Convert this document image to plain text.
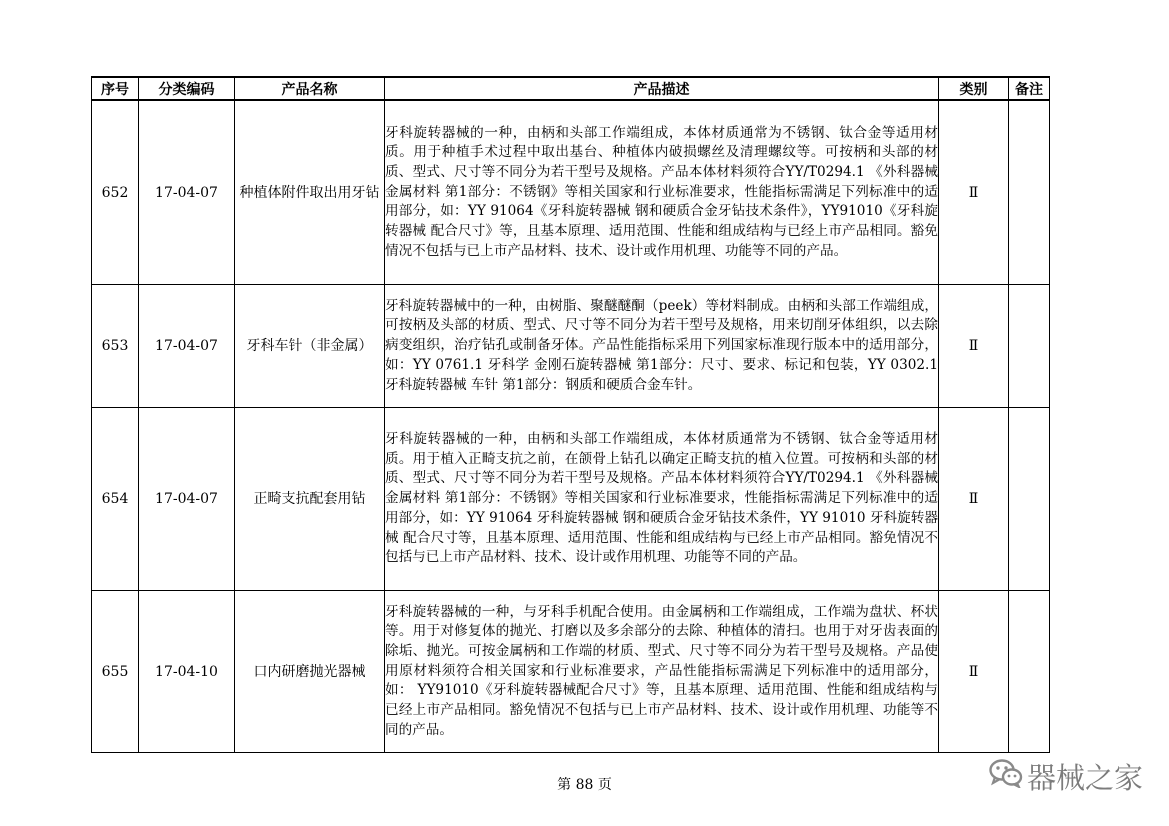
序号	分类编码	产品名称	产品描述	类别	备注
652	17-04-07	种植体附件取出用牙钻	牙科旋转器械的一种，由柄和头部工作端组成，本体材质通常为不锈钢、钛合金等适用材质。用于种植手术过程中取出基台、种植体内破损螺丝及清理螺纹等。可按柄和头部的材质、型式、尺寸等不同分为若干型号及规格。产品本体材料须符合YY/T0294.1 《外科器械 金属材料 第1部分：不锈钢》等相关国家和行业标准要求，性能指标需满足下列标准中的适用部分，如：YY 91064《牙科旋转器械 钢和硬质合金牙钻技术条件》，YY91010《牙科旋转器械 配合尺寸》等，且基本原理、适用范围、性能和组成结构与已经上市产品相同。豁免情况不包括与已上市产品材料、技术、设计或作用机理、功能等不同的产品。	Ⅱ	
653	17-04-07	牙科车针（非金属）	牙科旋转器械中的一种，由树脂、聚醚醚酮（peek）等材料制成。由柄和头部工作端组成，可按柄及头部的材质、型式、尺寸等不同分为若干型号及规格，用来切削牙体组织，以去除病变组织，治疗钻孔或制备牙体。产品性能指标采用下列国家标准现行版本中的适用部分，如：YY 0761.1 牙科学 金刚石旋转器械 第1部分：尺寸、要求、标记和包装，YY 0302.1 牙科旋转器械 车针 第1部分：钢质和硬质合金车针。	Ⅱ	
654	17-04-07	正畸支抗配套用钻	牙科旋转器械的一种，由柄和头部工作端组成，本体材质通常为不锈钢、钛合金等适用材质。用于植入正畸支抗之前，在颌骨上钻孔以确定正畸支抗的植入位置。可按柄和头部的材质、型式、尺寸等不同分为若干型号及规格。产品本体材料须符合YY/T0294.1 《外科器械 金属材料 第1部分：不锈钢》等相关国家和行业标准要求，性能指标需满足下列标准中的适用部分，如：YY 91064 牙科旋转器械 钢和硬质合金牙钻技术条件，YY 91010 牙科旋转器械 配合尺寸等，且基本原理、适用范围、性能和组成结构与已经上市产品相同。豁免情况不包括与已上市产品材料、技术、设计或作用机理、功能等不同的产品。	Ⅱ	
655	17-04-10	口内研磨抛光器械	牙科旋转器械的一种，与牙科手机配合使用。由金属柄和工作端组成，工作端为盘状、杯状等。用于对修复体的抛光、打磨以及多余部分的去除、种植体的清扫。也用于对牙齿表面的除垢、抛光。可按金属柄和工作端的材质、型式、尺寸等不同分为若干型号及规格。产品使用原材料须符合相关国家和行业标准要求，产品性能指标需满足下列标准中的适用部分，如： YY91010《牙科旋转器械配合尺寸》等，且基本原理、适用范围、性能和组成结构与已经上市产品相同。豁免情况不包括与已上市产品材料、技术、设计或作用机理、功能等不同的产品。	Ⅱ	
第 88 页	器械之家
